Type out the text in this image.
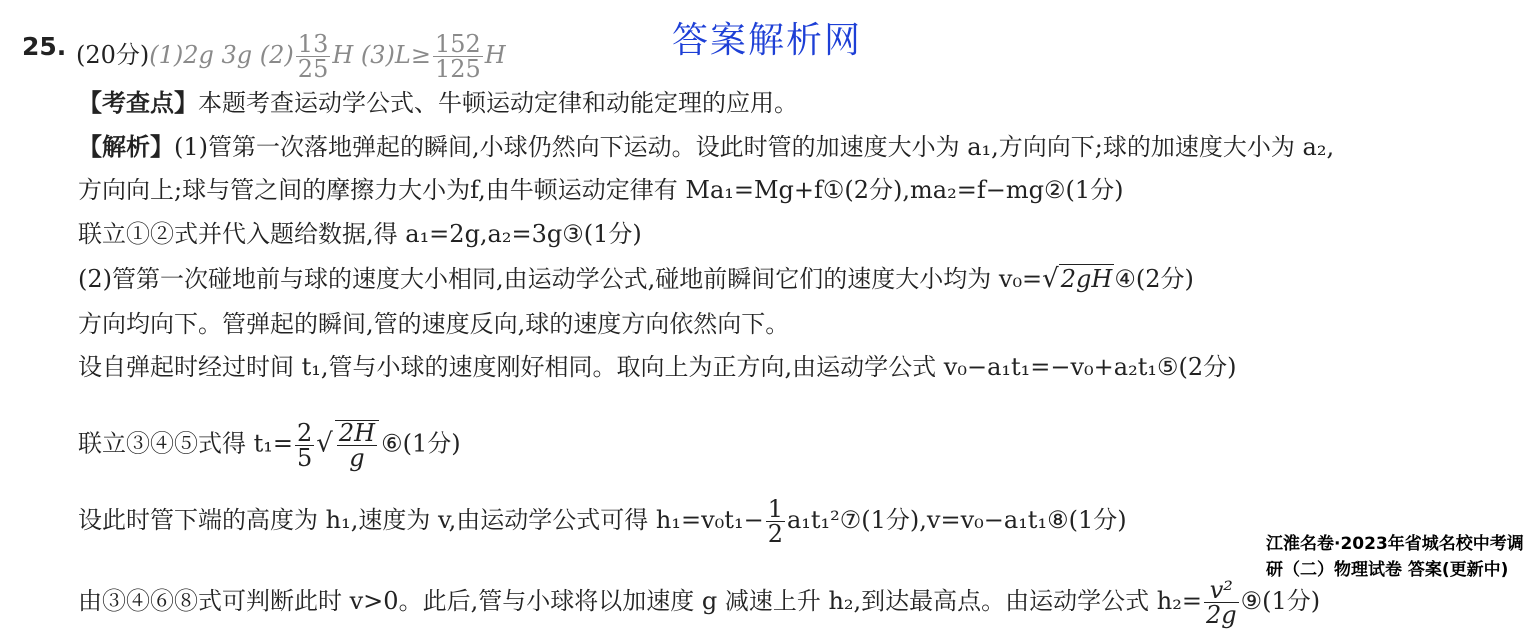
答案解析网
25. (20分)(1)2g 3g $(2) \frac{13}{25}$ H $(3)L\ge \frac{152}{125}$ H
【考查点】本题考查运动学公式、牛顿运动定律和动能定理的应用。
【解析】(1)管第一次落地弹起的瞬间,小球仍然向下运动。设此时管的加速度大小为 a₁,方向向下;球的加速度大小为 a₂,
方向向上;球与管之间的摩擦力大小为f,由牛顿运动定律有 Ma₁=Mg+f①(2分),ma₂=f−mg②(1分)
联立①②式并代入题给数据,得 a₁=2g,a₂=3g③(1分)
(2)管第一次碰地前与球的速度大小相同,由运动学公式,碰地前瞬间它们的速度大小均为 v₀=√2gH④(2分)
方向均向下。管弹起的瞬间,管的速度反向,球的速度方向依然向下。
设自弹起时经过时间 t₁,管与小球的速度刚好相同。取向上为正方向,由运动学公式 v₀−a₁t₁=−v₀+a₂t₁⑤(2分)
联立③④⑤式得 $t_1= \frac{2}{5}$ √ $\frac{2H}{g}$ ⑥(1分)
设此时管下端的高度为 h₁,速度为 v,由运动学公式可得 $h_1=v_0t_1- \frac{1}{2}$ a₁t₁²⑦(1分),v=v₀−a₁t₁⑧(1分)
由③④⑥⑧式可判断此时 v>0。此后,管与小球将以加速度 g 减速上升 h₂,到达最高点。由运动学公式 $h_2= \frac{\text{v²}}{2g}$ ⑨(1分)
江淮名卷·2023年省城名校中考调研（二）物理试卷 答案(更新中)
